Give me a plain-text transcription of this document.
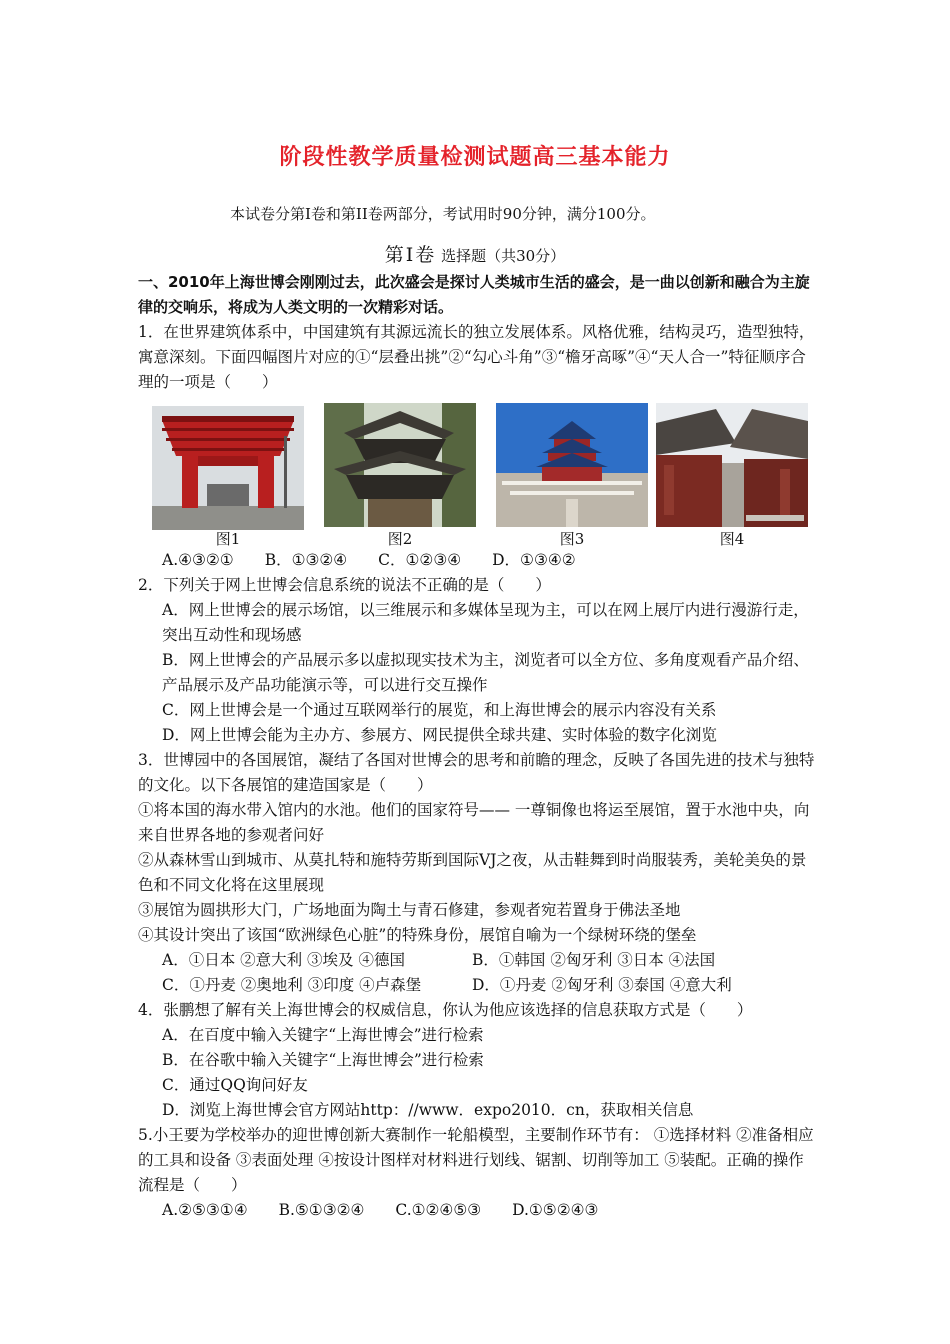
阶段性教学质量检测试题高三基本能力
本试卷分第I卷和第II卷两部分，考试用时90分钟，满分100分。
第Ⅰ卷 选择题（共30分）

一、2010年上海世博会刚刚过去，此次盛会是探讨人类城市生活的盛会，是一曲以创新和融合为主旋律的交响乐，将成为人类文明的一次精彩对话。

1．在世界建筑体系中，中国建筑有其源远流长的独立发展体系。风格优雅，结构灵巧，造型独特，寓意深刻。下面四幅图片对应的①“层叠出挑”②“勾心斗角”③“檐牙高啄”④“天人合一”特征顺序合理的一项是（　　）

图1	图2	图3	图4

A.④③②①　　B．①③②④　　C．①②③④　　D．①③④②

2．下列关于网上世博会信息系统的说法不正确的是（　　）

A．网上世博会的展示场馆，以三维展示和多媒体呈现为主，可以在网上展厅内进行漫游行走，突出互动性和现场感

B．网上世博会的产品展示多以虚拟现实技术为主，浏览者可以全方位、多角度观看产品介绍、产品展示及产品功能演示等，可以进行交互操作

C．网上世博会是一个通过互联网举行的展览，和上海世博会的展示内容没有关系

D．网上世博会能为主办方、参展方、网民提供全球共建、实时体验的数字化浏览

3．世博园中的各国展馆，凝结了各国对世博会的思考和前瞻的理念，反映了各国先进的技术与独特的文化。以下各展馆的建造国家是（　　）

①将本国的海水带入馆内的水池。他们的国家符号—— 一尊铜像也将运至展馆，置于水池中央，向来自世界各地的参观者问好

②从森林雪山到城市、从莫扎特和施特劳斯到国际VJ之夜，从击鞋舞到时尚服装秀，美轮美奂的景色和不同文化将在这里展现

③展馆为圆拱形大门，广场地面为陶土与青石修建，参观者宛若置身于佛法圣地

④其设计突出了该国“欧洲绿色心脏”的特殊身份，展馆自喻为一个绿树环绕的堡垒

A．①日本 ②意大利 ③埃及 ④德国	B．①韩国 ②匈牙利 ③日本 ④法国
C．①丹麦 ②奥地利 ③印度 ④卢森堡	D．①丹麦 ②匈牙利 ③泰国 ④意大利

4．张鹏想了解有关上海世博会的权威信息，你认为他应该选择的信息获取方式是（　　）

A．在百度中输入关键字“上海世博会”进行检索

B．在谷歌中输入关键字“上海世博会”进行检索

C．通过QQ询问好友

D．浏览上海世博会官方网站http：//www．expo2010．cn，获取相关信息

5.小王要为学校举办的迎世博创新大赛制作一轮船模型，主要制作环节有： ①选择材料 ②准备相应的工具和设备 ③表面处理 ④按设计图样对材料进行划线、锯割、切削等加工 ⑤装配。正确的操作流程是（　　）

A.②⑤③①④　　B.⑤①③②④　　C.①②④⑤③　　D.①⑤②④③
